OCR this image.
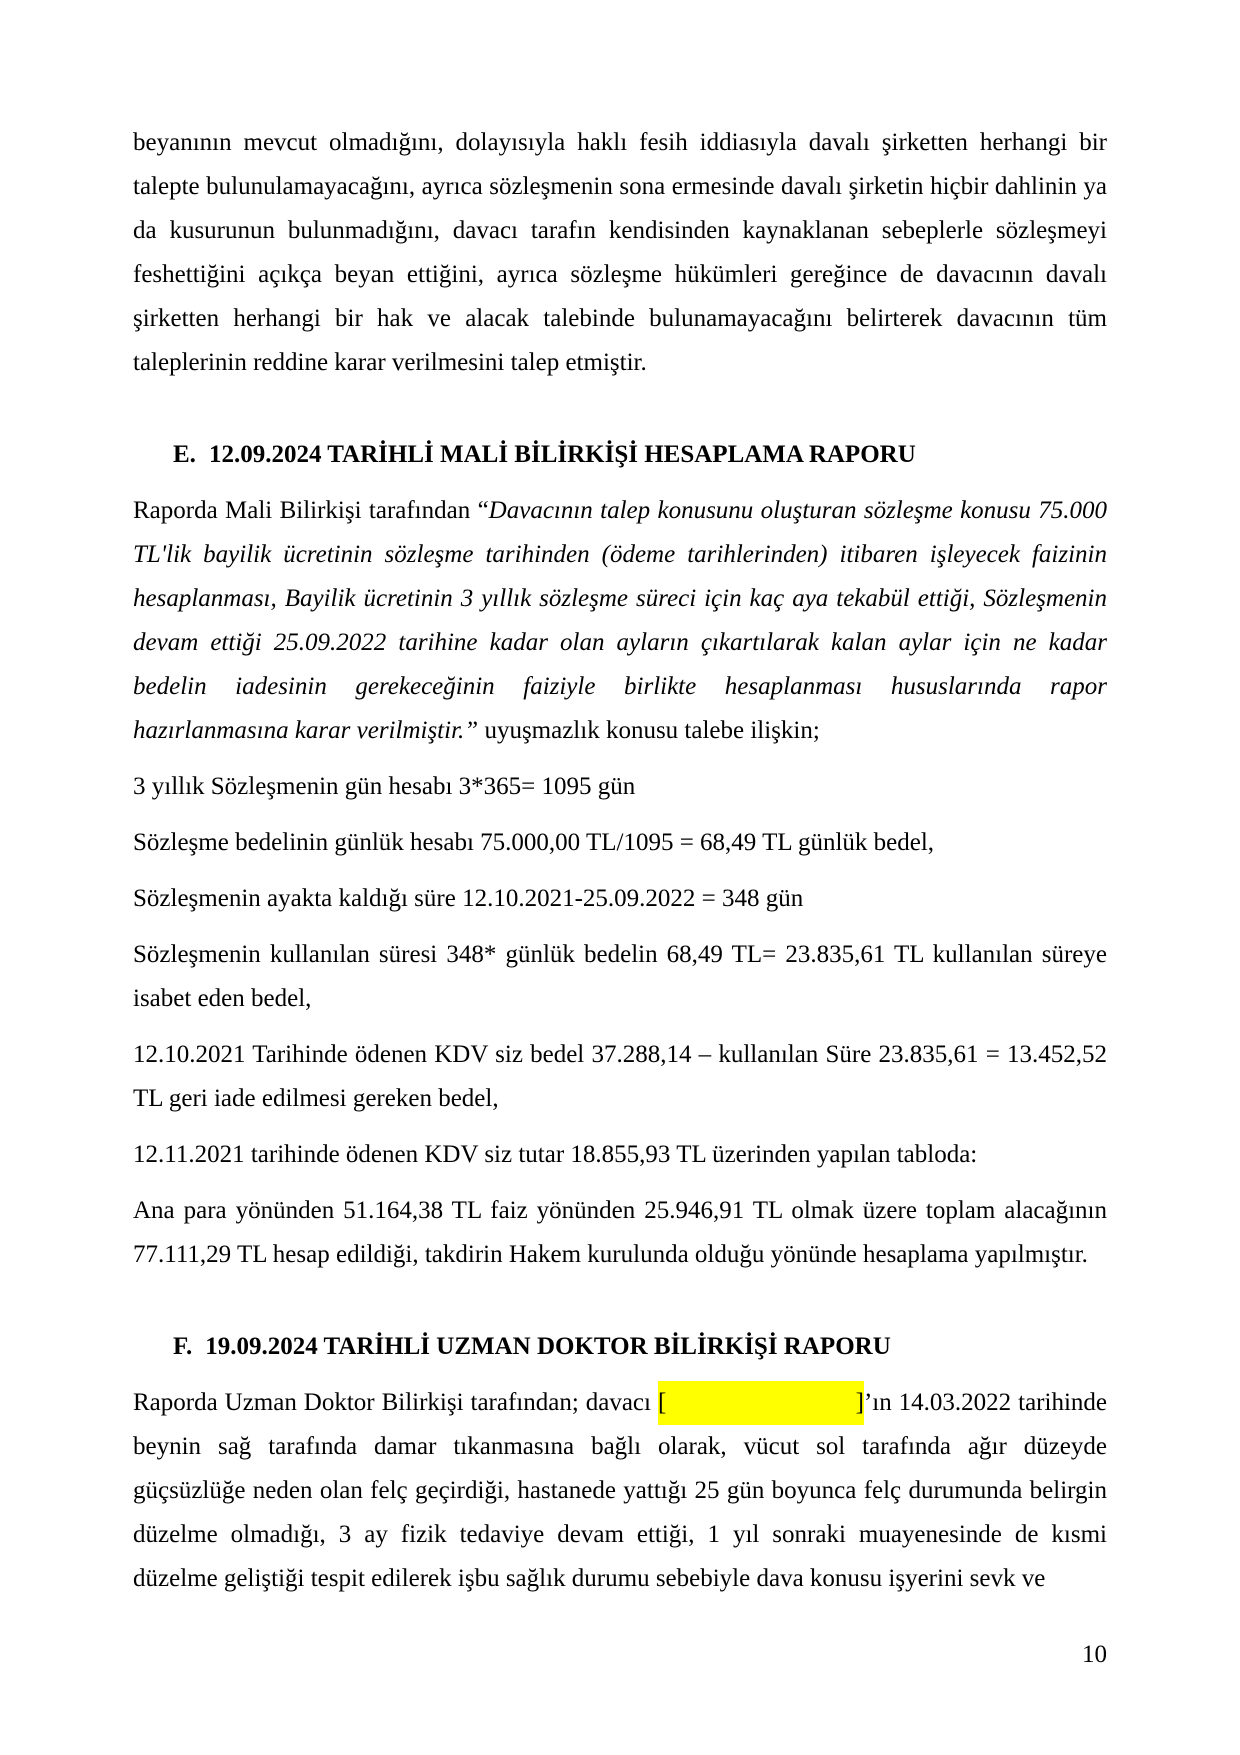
beyanının mevcut olmadığını, dolayısıyla haklı fesih iddiasıyla davalı şirketten herhangi bir talepte bulunulamayacağını, ayrıca sözleşmenin sona ermesinde davalı şirketin hiçbir dahlinin ya da kusurunun bulunmadığını, davacı tarafın kendisinden kaynaklanan sebeplerle sözleşmeyi feshettiğini açıkça beyan ettiğini, ayrıca sözleşme hükümleri gereğince de davacının davalı şirketten herhangi bir hak ve alacak talebinde bulunamayacağını belirterek davacının tüm taleplerinin reddine karar verilmesini talep etmiştir.

E. 12.09.2024 TARİHLİ MALİ BİLİRKİŞİ HESAPLAMA RAPORU

Raporda Mali Bilirkişi tarafından “Davacının talep konusunu oluşturan sözleşme konusu 75.000 TL'lik bayilik ücretinin sözleşme tarihinden (ödeme tarihlerinden) itibaren işleyecek faizinin hesaplanması, Bayilik ücretinin 3 yıllık sözleşme süreci için kaç aya tekabül ettiği, Sözleşmenin devam ettiği 25.09.2022 tarihine kadar olan ayların çıkartılarak kalan aylar için ne kadar bedelin iadesinin gerekeceğinin faiziyle birlikte hesaplanması hususlarında rapor hazırlanmasına karar verilmiştir.” uyuşmazlık konusu talebe ilişkin;

3 yıllık Sözleşmenin gün hesabı 3*365= 1095 gün

Sözleşme bedelinin günlük hesabı 75.000,00 TL/1095 = 68,49 TL günlük bedel,

Sözleşmenin ayakta kaldığı süre 12.10.2021-25.09.2022 = 348 gün

Sözleşmenin kullanılan süresi 348* günlük bedelin 68,49 TL= 23.835,61 TL kullanılan süreye isabet eden bedel,

12.10.2021 Tarihinde ödenen KDV siz bedel 37.288,14 – kullanılan Süre 23.835,61 = 13.452,52 TL geri iade edilmesi gereken bedel,

12.11.2021 tarihinde ödenen KDV siz tutar 18.855,93 TL üzerinden yapılan tabloda:

Ana para yönünden 51.164,38 TL faiz yönünden 25.946,91 TL olmak üzere toplam alacağının 77.111,29 TL hesap edildiği, takdirin Hakem kurulunda olduğu yönünde hesaplama yapılmıştır.

F. 19.09.2024 TARİHLİ UZMAN DOKTOR BİLİRKİŞİ RAPORU

Raporda Uzman Doktor Bilirkişi tarafından; davacı [	] ’ın 14.03.2022 tarihinde beynin sağ tarafında damar tıkanmasına bağlı olarak, vücut sol tarafında ağır düzeyde güçsüzlüğe neden olan felç geçirdiği, hastanede yattığı 25 gün boyunca felç durumunda belirgin düzelme olmadığı, 3 ay fizik tedaviye devam ettiği, 1 yıl sonraki muayenesinde de kısmi düzelme geliştiği tespit edilerek işbu sağlık durumu sebebiyle dava konusu işyerini sevk ve

10
